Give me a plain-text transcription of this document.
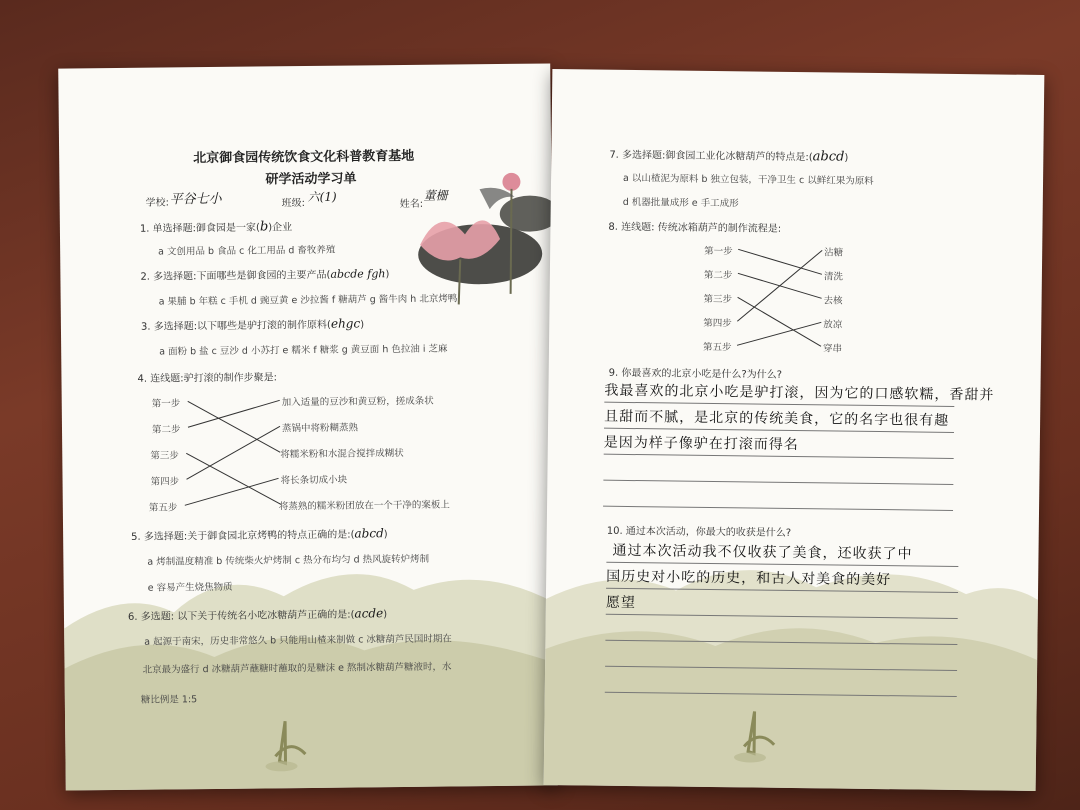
北京御食园传统饮食文化科普教育基地
研学活动学习单
学校: 平谷七小	班级: 六(1)
姓名:
董栅
1. 单选择题:御食园是一家(b)企业
a 文创用品 b 食品 c 化工用品 d 畜牧养殖
2. 多选择题:下面哪些是御食园的主要产品(abcde fgh)
a 果脯 b 年糕 c 手机 d 豌豆黄 e 沙拉酱 f 糖葫芦 g 酱牛肉 h 北京烤鸭
3. 多选择题:以下哪些是驴打滚的制作原料(ehgc)
a 面粉 b 盐 c 豆沙 d 小苏打 e 糯米 f 糖浆 g 黄豆面 h 色拉油 i 芝麻
4. 连线题:驴打滚的制作步聚是:
第一步
第二步
第三步
第四步
第五步
加入适量的豆沙和黄豆粉，搓成条状
蒸锅中将粉糊蒸熟
将糯米粉和水混合搅拌成糊状
将长条切成小块
将蒸熟的糯米粉团放在一个干净的案板上
5. 多选择题:关于御食园北京烤鸭的特点正确的是:(abcd)
a 烤制温度精准 b 传统柴火炉烤制 c 热分布均匀 d 热风旋转炉烤制
e 容易产生烧焦物质
6. 多选题: 以下关于传统名小吃冰糖葫芦正确的是:(acde)
a 起源于南宋，历史非常悠久 b 只能用山楂来制做 c 冰糖葫芦民国时期在
北京最为盛行 d 冰糖葫芦蘸糖时蘸取的是糖沫 e 熬制冰糖葫芦糖液时，水
糖比例是 1:5
7. 多选择题:御食园工业化冰糖葫芦的特点是:(abcd)
a 以山楂泥为原料 b 独立包装，干净卫生 c 以鲜红果为原料
d 机器批量成形 e 手工成形
8. 连线题: 传统冰箱葫芦的制作流程是:
第一步
第二步
第三步
第四步
第五步
沾糖
清洗
去核
放凉
穿串
9. 你最喜欢的北京小吃是什么?为什么?
我最喜欢的北京小吃是驴打滚，因为它的口感软糯，香甜并
且甜而不腻，是北京的传统美食，它的名字也很有趣
是因为样子像驴在打滚而得名
10. 通过本次活动，你最大的收获是什么?
通过本次活动我不仅收获了美食，还收获了中
国历史对小吃的历史，和古人对美食的美好
愿望
